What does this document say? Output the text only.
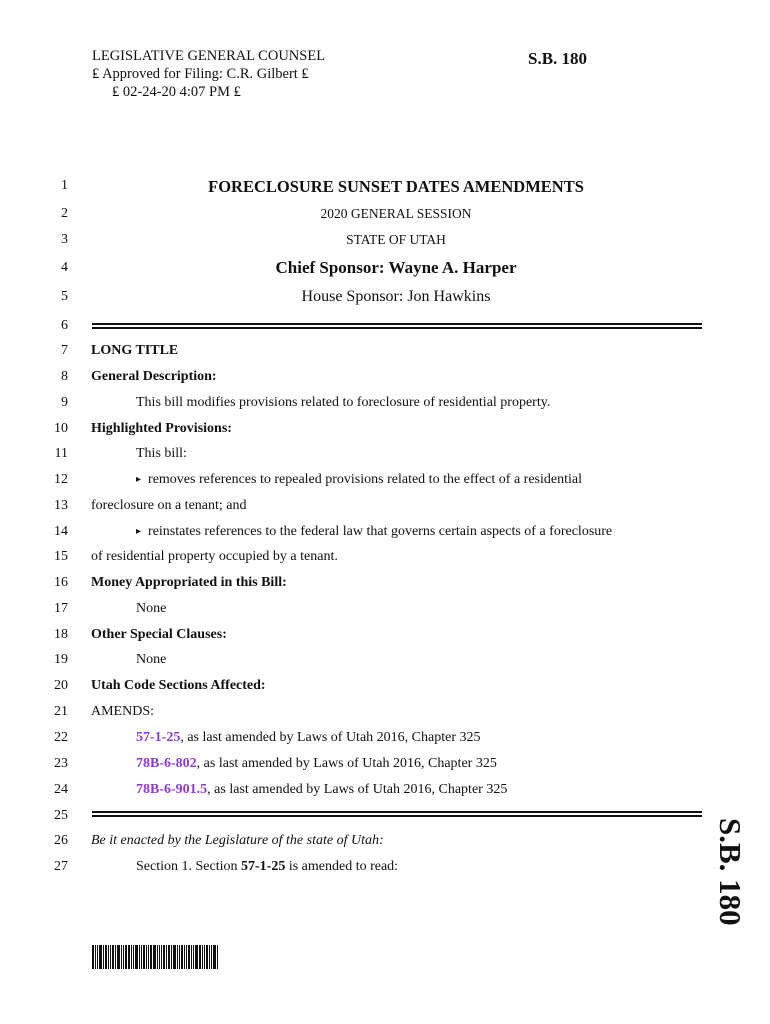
LEGISLATIVE GENERAL COUNSEL
₤ Approved for Filing: C.R. Gilbert ₤
₤ 02-24-20 4:07 PM ₤
S.B. 180
1
2
3
4
5
6
7
8
9
10
11
12
13
14
15
16
17
18
19
20
21
22
23
24
25
26
27
FORECLOSURE SUNSET DATES AMENDMENTS
2020 GENERAL SESSION
STATE OF UTAH
Chief Sponsor: Wayne A. Harper
House Sponsor: Jon Hawkins
LONG TITLE
General Description:
This bill modifies provisions related to foreclosure of residential property.
Highlighted Provisions:
This bill:
▸ removes references to repealed provisions related to the effect of a residential
foreclosure on a tenant; and
▸ reinstates references to the federal law that governs certain aspects of a foreclosure
of residential property occupied by a tenant.
Money Appropriated in this Bill:
None
Other Special Clauses:
None
Utah Code Sections Affected:
AMENDS:
57-1-25, as last amended by Laws of Utah 2016, Chapter 325
78B-6-802, as last amended by Laws of Utah 2016, Chapter 325
78B-6-901.5, as last amended by Laws of Utah 2016, Chapter 325
Be it enacted by the Legislature of the state of Utah:
Section 1. Section 57-1-25 is amended to read:	S.B. 180
